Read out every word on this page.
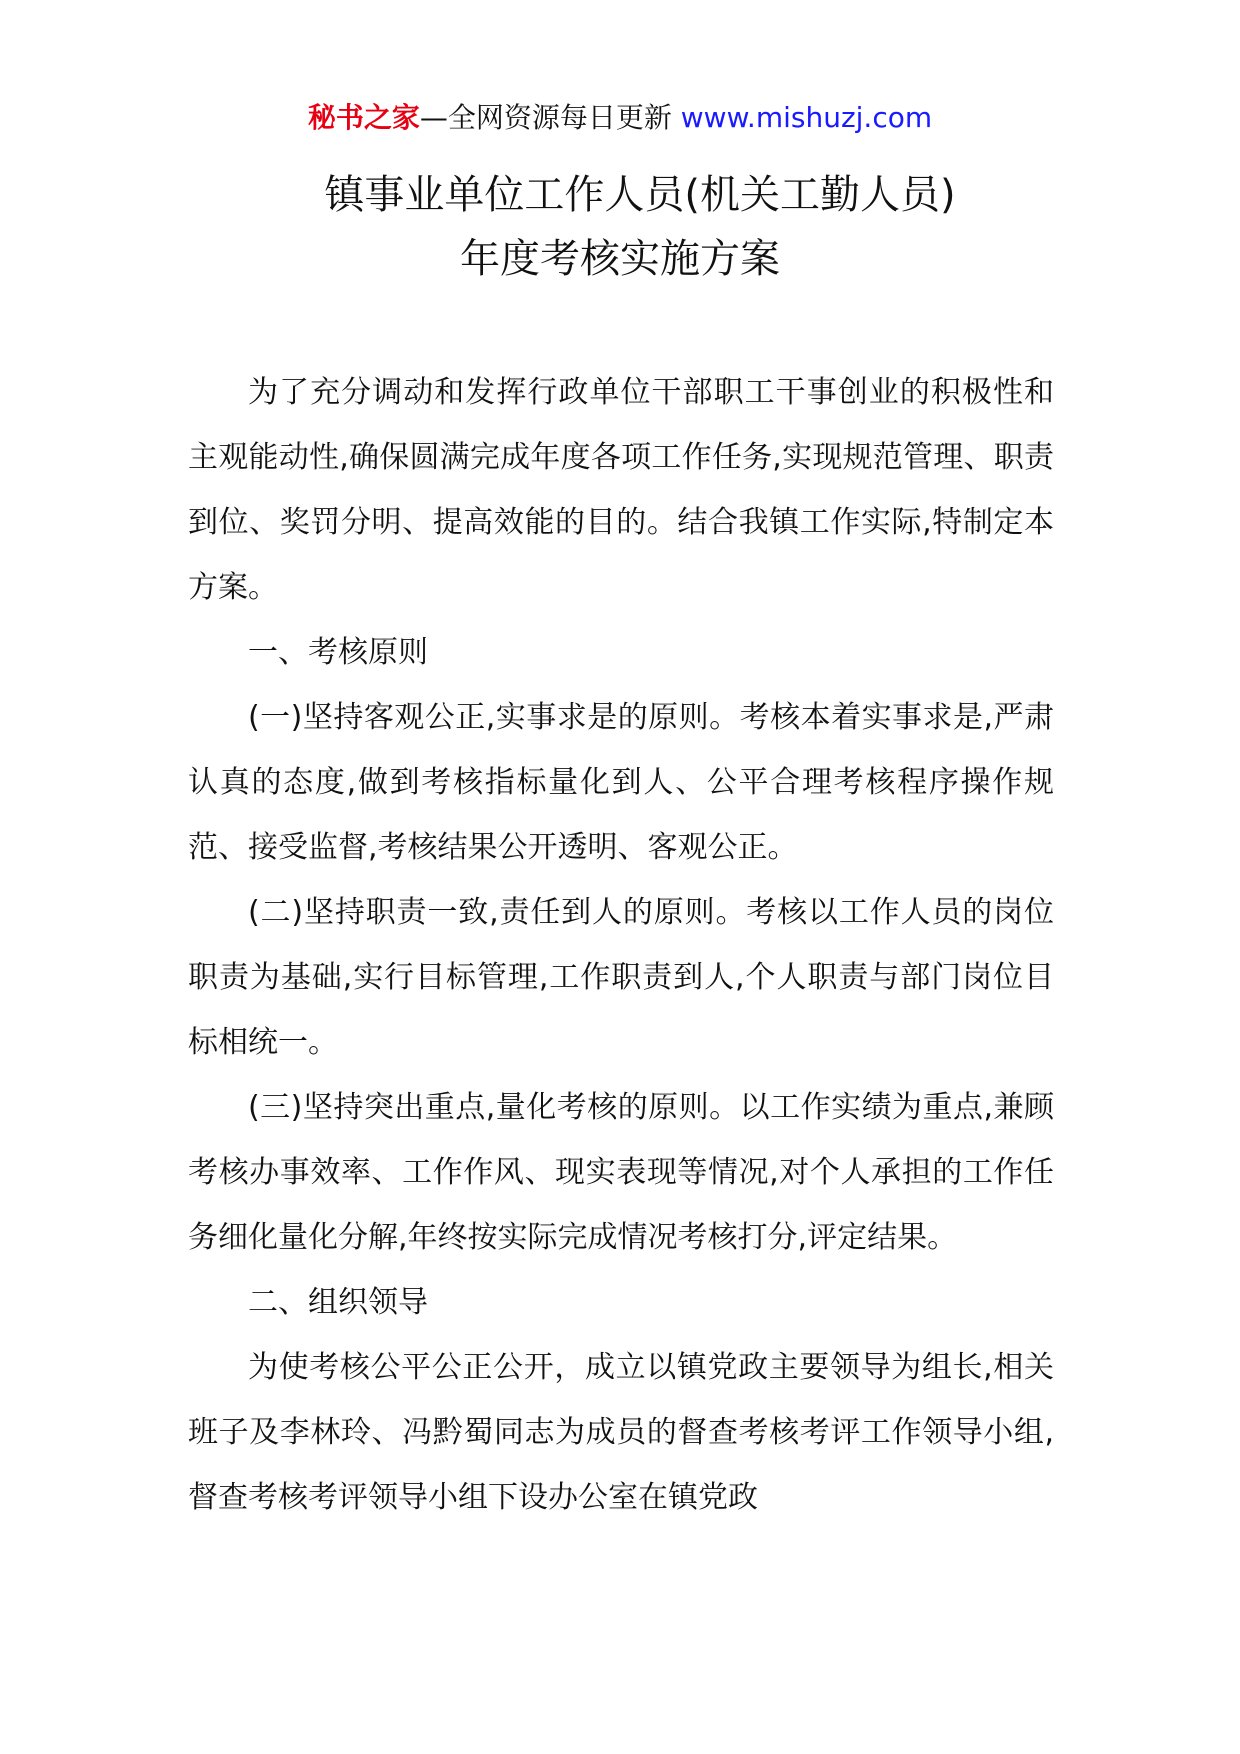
秘书之家—全网资源每日更新 www.mishuzj.com
镇事业单位工作人员(机关工勤人员)
年度考核实施方案

为了充分调动和发挥行政单位干部职工干事创业的积极性和主观能动性,确保圆满完成年度各项工作任务,实现规范管理、职责到位、奖罚分明、提高效能的目的。结合我镇工作实际,特制定本方案。

一、考核原则

(一)坚持客观公正,实事求是的原则。考核本着实事求是,严肃认真的态度,做到考核指标量化到人、公平合理考核程序操作规范、接受监督,考核结果公开透明、客观公正。

(二)坚持职责一致,责任到人的原则。考核以工作人员的岗位职责为基础,实行目标管理,工作职责到人,个人职责与部门岗位目标相统一。

(三)坚持突出重点,量化考核的原则。以工作实绩为重点,兼顾考核办事效率、工作作风、现实表现等情况,对个人承担的工作任务细化量化分解,年终按实际完成情况考核打分,评定结果。

二、组织领导

为使考核公平公正公开，成立以镇党政主要领导为组长,相关班子及李林玲、冯黔蜀同志为成员的督查考核考评工作领导小组,督查考核考评领导小组下设办公室在镇党政
